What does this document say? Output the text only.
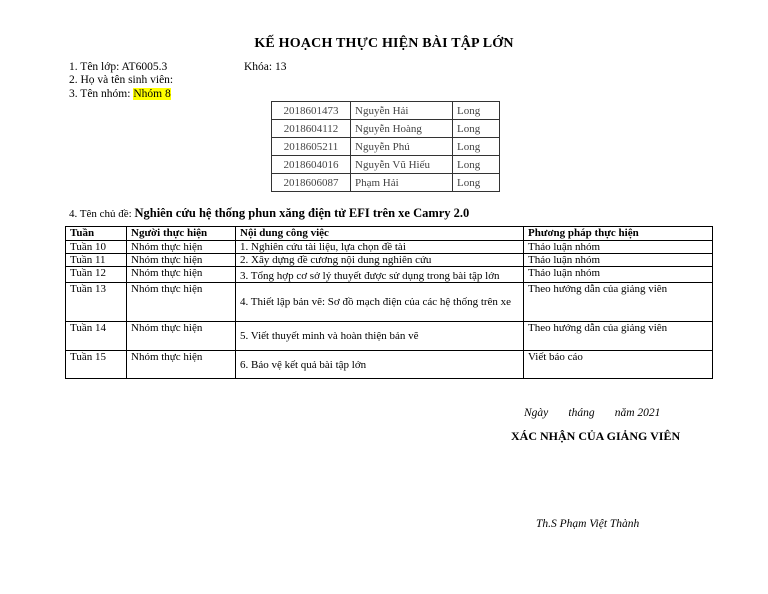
KẾ HOẠCH THỰC HIỆN BÀI TẬP LỚN
1. Tên lớp: AT6005.3	Khóa: 13
2. Họ và tên sinh viên:
3. Tên nhóm: Nhóm 8
2018601473	Nguyễn Hải	Long
2018604112	Nguyễn Hoàng	Long
2018605211	Nguyễn Phú	Long
2018604016	Nguyễn Vũ Hiếu	Long
2018606087	Phạm Hải	Long
4. Tên chủ đề: Nghiên cứu hệ thống phun xăng điện tử EFI trên xe Camry 2.0
Tuần	Người thực hiện	Nội dung công việc	Phương pháp thực hiện
Tuần 10	Nhóm thực hiện	1. Nghiên cứu tài liệu, lựa chọn đề tài	Thảo luận nhóm
Tuần 11	Nhóm thực hiện	2. Xây dựng đề cương nội dung nghiên cứu	Thảo luận nhóm
Tuần 12	Nhóm thực hiện	3. Tổng hợp cơ sở lý thuyết được sử dụng trong bài tập lớn	Thảo luận nhóm
Tuần 13	Nhóm thực hiện	4. Thiết lập bản vẽ: Sơ đồ mạch điện của các hệ thống trên xe	Theo hướng dẫn của giảng viên
Tuần 14	Nhóm thực hiện	5. Viết thuyết minh và hoàn thiện bản vẽ	Theo hướng dẫn của giảng viên
Tuần 15	Nhóm thực hiện	6. Bảo vệ kết quả bài tập lớn	Viết báo cáo
Ngày       tháng       năm 2021
XÁC NHẬN CỦA GIẢNG VIÊN
Th.S Phạm Việt Thành
